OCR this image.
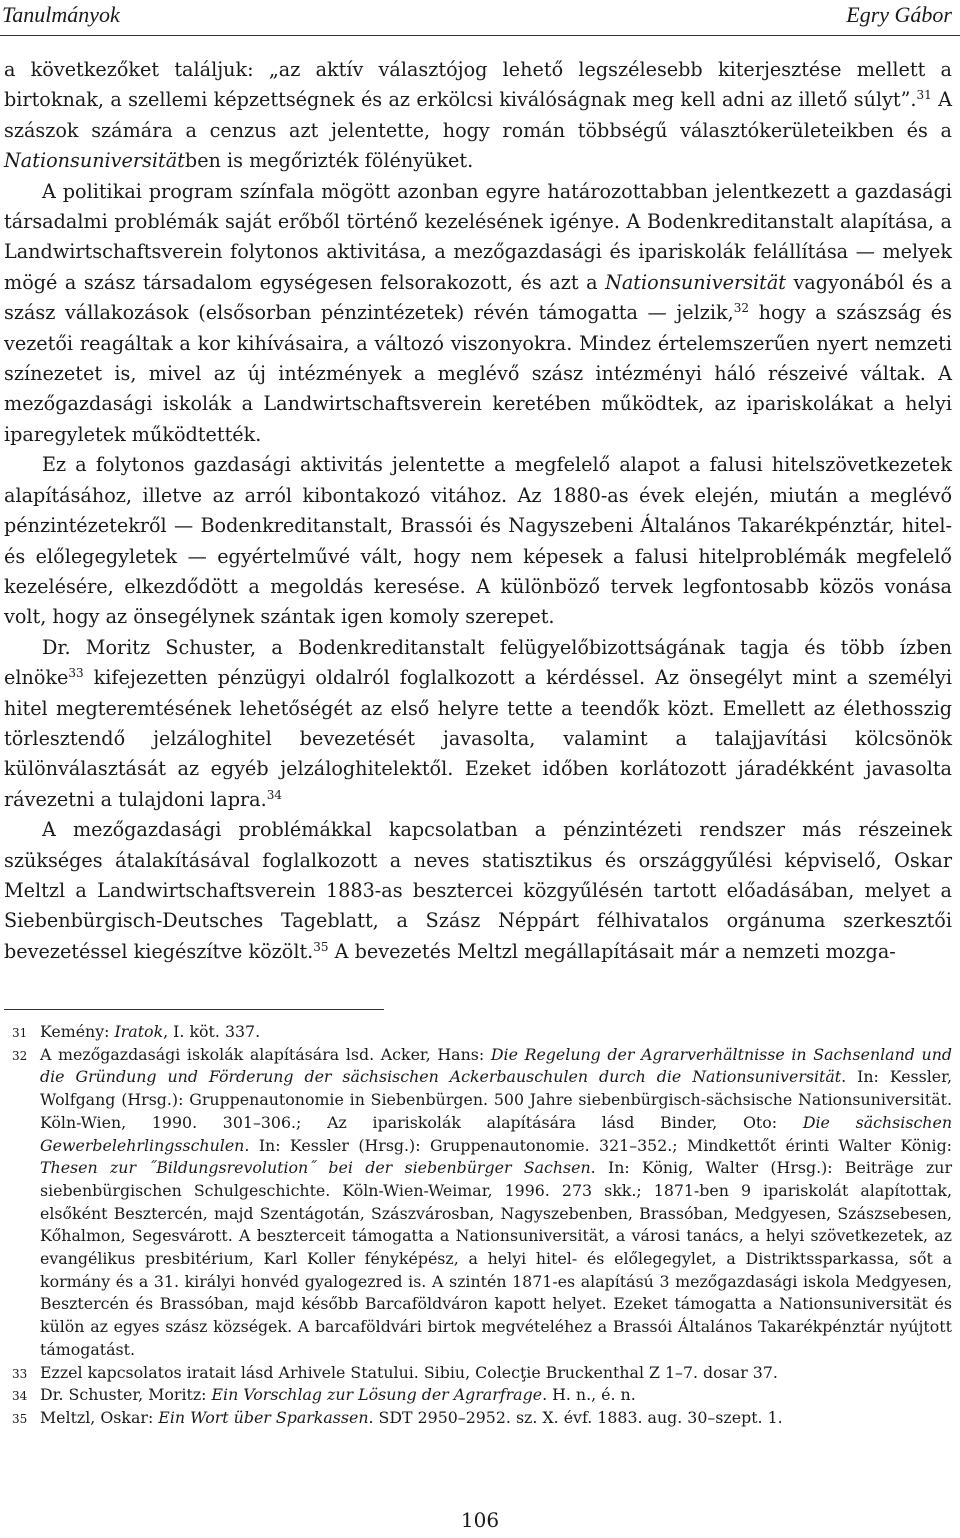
Tanulmányok	Egry Gábor

a következőket találjuk: „az aktív választójog lehető legszélesebb kiterjesztése mellett a birtoknak, a szellemi képzettségnek és az erkölcsi kiválóságnak meg kell adni az illető súlyt”.$^{31}$ A szászok számára a cenzus azt jelentette, hogy román többségű választókerületeikben és a Nationsuniversitätben is megőrizték fölényüket.

A politikai program színfala mögött azonban egyre határozottabban jelentkezett a gazdasági társadalmi problémák saját erőből történő kezelésének igénye. A Bodenkreditanstalt alapítása, a Landwirtschaftsverein folytonos aktivitása, a mezőgazdasági és ipariskolák felállítása — melyek mögé a szász társadalom egységesen felsorakozott, és azt a Nationsuniversität vagyonából és a szász vállakozások (elsősorban pénzintézetek) révén támogatta — jelzik,$^{32}$ hogy a szászság és vezetői reagáltak a kor kihívásaira, a változó viszonyokra. Mindez értelemszerűen nyert nemzeti színezetet is, mivel az új intézmények a meglévő szász intézményi háló részeivé váltak. A mezőgazdasági iskolák a Landwirtschaftsverein keretében működtek, az ipariskolákat a helyi iparegyletek működtették.

Ez a folytonos gazdasági aktivitás jelentette a megfelelő alapot a falusi hitelszövetkezetek alapításához, illetve az arról kibontakozó vitához. Az 1880-as évek elején, miután a meglévő pénzintézetekről — Bodenkreditanstalt, Brassói és Nagyszebeni Általános Takarékpénztár, hitel- és előlegegyletek — egyértelművé vált, hogy nem képesek a falusi hitelproblémák megfelelő kezelésére, elkezdődött a megoldás keresése. A különböző tervek legfontosabb közös vonása volt, hogy az önsegélynek szántak igen komoly szerepet.

Dr. Moritz Schuster, a Bodenkreditanstalt felügyelőbizottságának tagja és több ízben elnöke$^{33}$ kifejezetten pénzügyi oldalról foglalkozott a kérdéssel. Az önsegélyt mint a személyi hitel megteremtésének lehetőségét az első helyre tette a teendők közt. Emellett az élethosszig törlesztendő jelzáloghitel bevezetését javasolta, valamint a talajjavítási kölcsönök különválasztását az egyéb jelzáloghitelektől. Ezeket időben korlátozott járadékként javasolta rávezetni a tulajdoni lapra.$^{34}$

A mezőgazdasági problémákkal kapcsolatban a pénzintézeti rendszer más részeinek szükséges átalakításával foglalkozott a neves statisztikus és országgyűlési képviselő, Oskar Meltzl a Landwirtschaftsverein 1883-as besztercei közgyűlésén tartott előadásában, melyet a Siebenbürgisch-Deutsches Tageblatt, a Szász Néppárt félhivatalos orgánuma szerkesztői bevezetéssel kiegészítve közölt.$^{35}$ A bevezetés Meltzl megállapításait már a nemzeti mozga-

31 Kemény: Iratok, I. köt. 337.
32 A mezőgazdasági iskolák alapítására lsd. Acker, Hans: Die Regelung der Agrarverhältnisse in Sachsenland und die Gründung und Förderung der sächsischen Ackerbauschulen durch die Nationsuniversität. In: Kessler, Wolfgang (Hrsg.): Gruppenautonomie in Siebenbürgen. 500 Jahre siebenbürgisch-sächsische Nationsuniversität. Köln-Wien, 1990. 301–306.; Az ipariskolák alapítására lásd Binder, Oto: Die sächsischen Gewerbelehrlingsschulen. In: Kessler (Hrsg.): Gruppenautonomie. 321–352.; Mindkettőt érinti Walter König: Thesen zur ˝Bildungsrevolution˝ bei der siebenbürger Sachsen. In: König, Walter (Hrsg.): Beiträge zur siebenbürgischen Schulgeschichte. Köln-Wien-Weimar, 1996. 273 skk.; 1871-ben 9 ipariskolát alapítottak, elsőként Besztercén, majd Szentágotán, Szászvárosban, Nagyszebenben, Brassóban, Medgyesen, Szászsebesen, Kőhalmon, Segesvárott. A beszterceit támogatta a Nationsuniversität, a városi tanács, a helyi szövetkezetek, az evangélikus presbitérium, Karl Koller fényképész, a helyi hitel- és előlegegylet, a Distriktssparkassa, sőt a kormány és a 31. királyi honvéd gyalogezred is. A szintén 1871-es alapítású 3 mezőgazdasági iskola Medgyesen, Besztercén és Brassóban, majd később Barcaföldváron kapott helyet. Ezeket támogatta a Nationsuniversität és külön az egyes szász községek. A barcaföldvári birtok megvételéhez a Brassói Általános Takarékpénztár nyújtott támogatást.
33 Ezzel kapcsolatos iratait lásd Arhivele Statului. Sibiu, Colecţie Bruckenthal Z 1–7. dosar 37.
34 Dr. Schuster, Moritz: Ein Vorschlag zur Lösung der Agrarfrage. H. n., é. n.
35 Meltzl, Oskar: Ein Wort über Sparkassen. SDT 2950–2952. sz. X. évf. 1883. aug. 30–szept. 1.
106
